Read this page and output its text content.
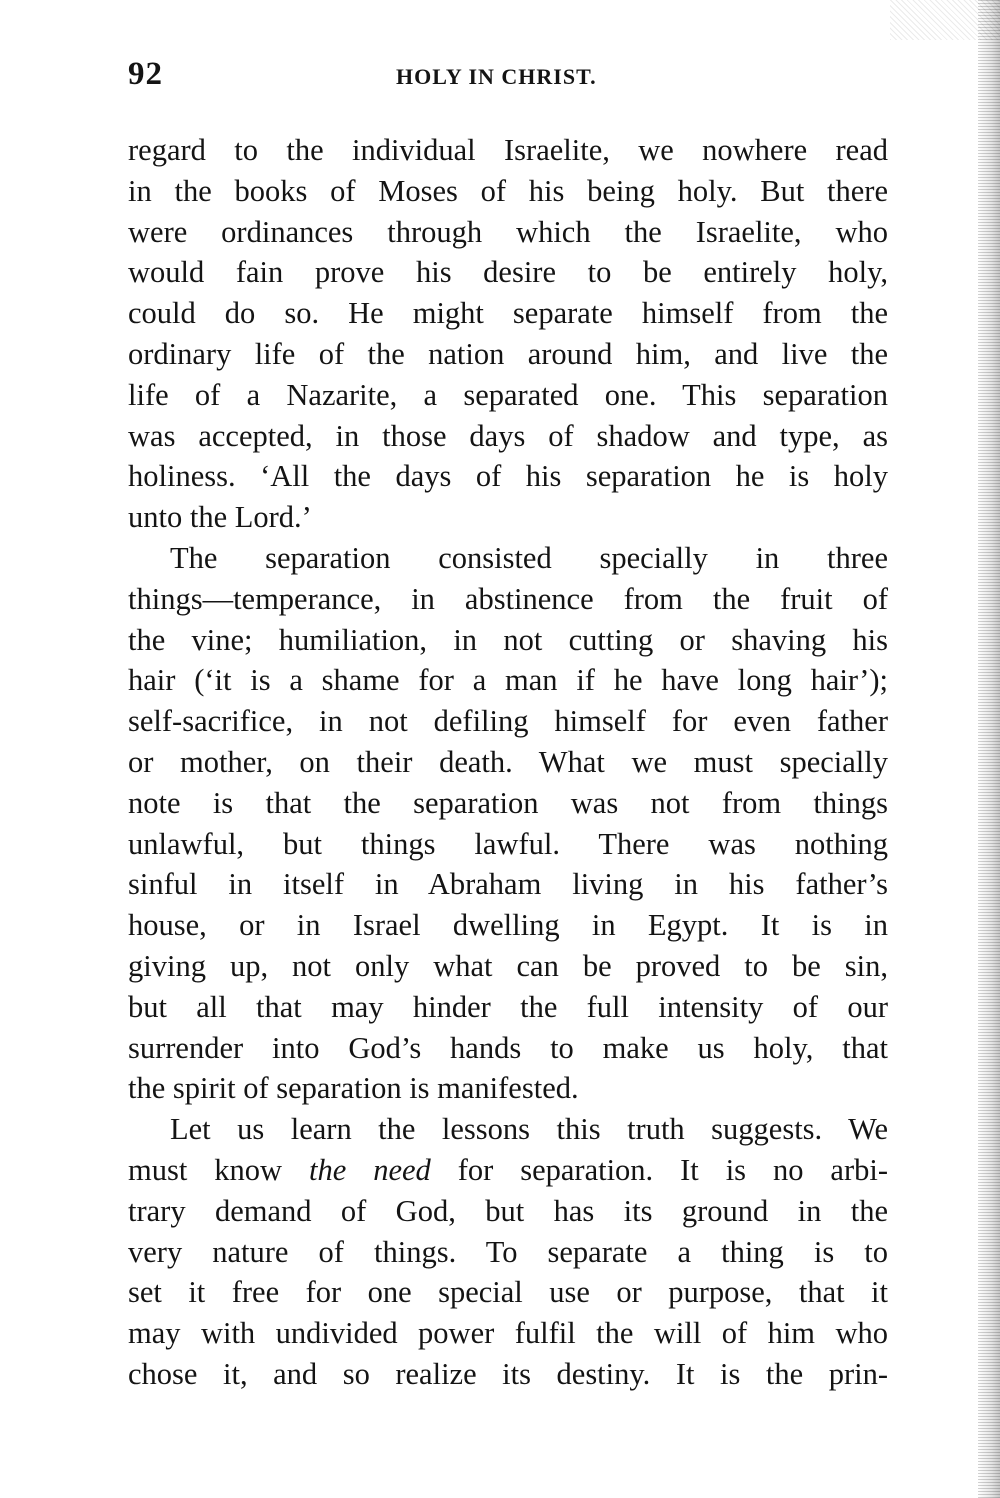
92	HOLY IN CHRIST.
regard to the individual Israelite, we nowhere read
in the books of Moses of his being holy. But there
were ordinances through which the Israelite, who
would fain prove his desire to be entirely holy,
could do so. He might separate himself from the
ordinary life of the nation around him, and live the
life of a Nazarite, a separated one. This separation
was accepted, in those days of shadow and type, as
holiness. ‘All the days of his separation he is holy
unto the Lord.’
The separation consisted specially in three
things—temperance, in abstinence from the fruit of
the vine; humiliation, in not cutting or shaving his
hair (‘it is a shame for a man if he have long hair’);
self-sacrifice, in not defiling himself for even father
or mother, on their death. What we must specially
note is that the separation was not from things
unlawful, but things lawful. There was nothing
sinful in itself in Abraham living in his father’s
house, or in Israel dwelling in Egypt. It is in
giving up, not only what can be proved to be sin,
but all that may hinder the full intensity of our
surrender into God’s hands to make us holy, that
the spirit of separation is manifested.
Let us learn the lessons this truth suggests. We
must know the need for separation. It is no arbi-
trary demand of God, but has its ground in the
very nature of things. To separate a thing is to
set it free for one special use or purpose, that it
may with undivided power fulfil the will of him who
chose it, and so realize its destiny. It is the prin-
